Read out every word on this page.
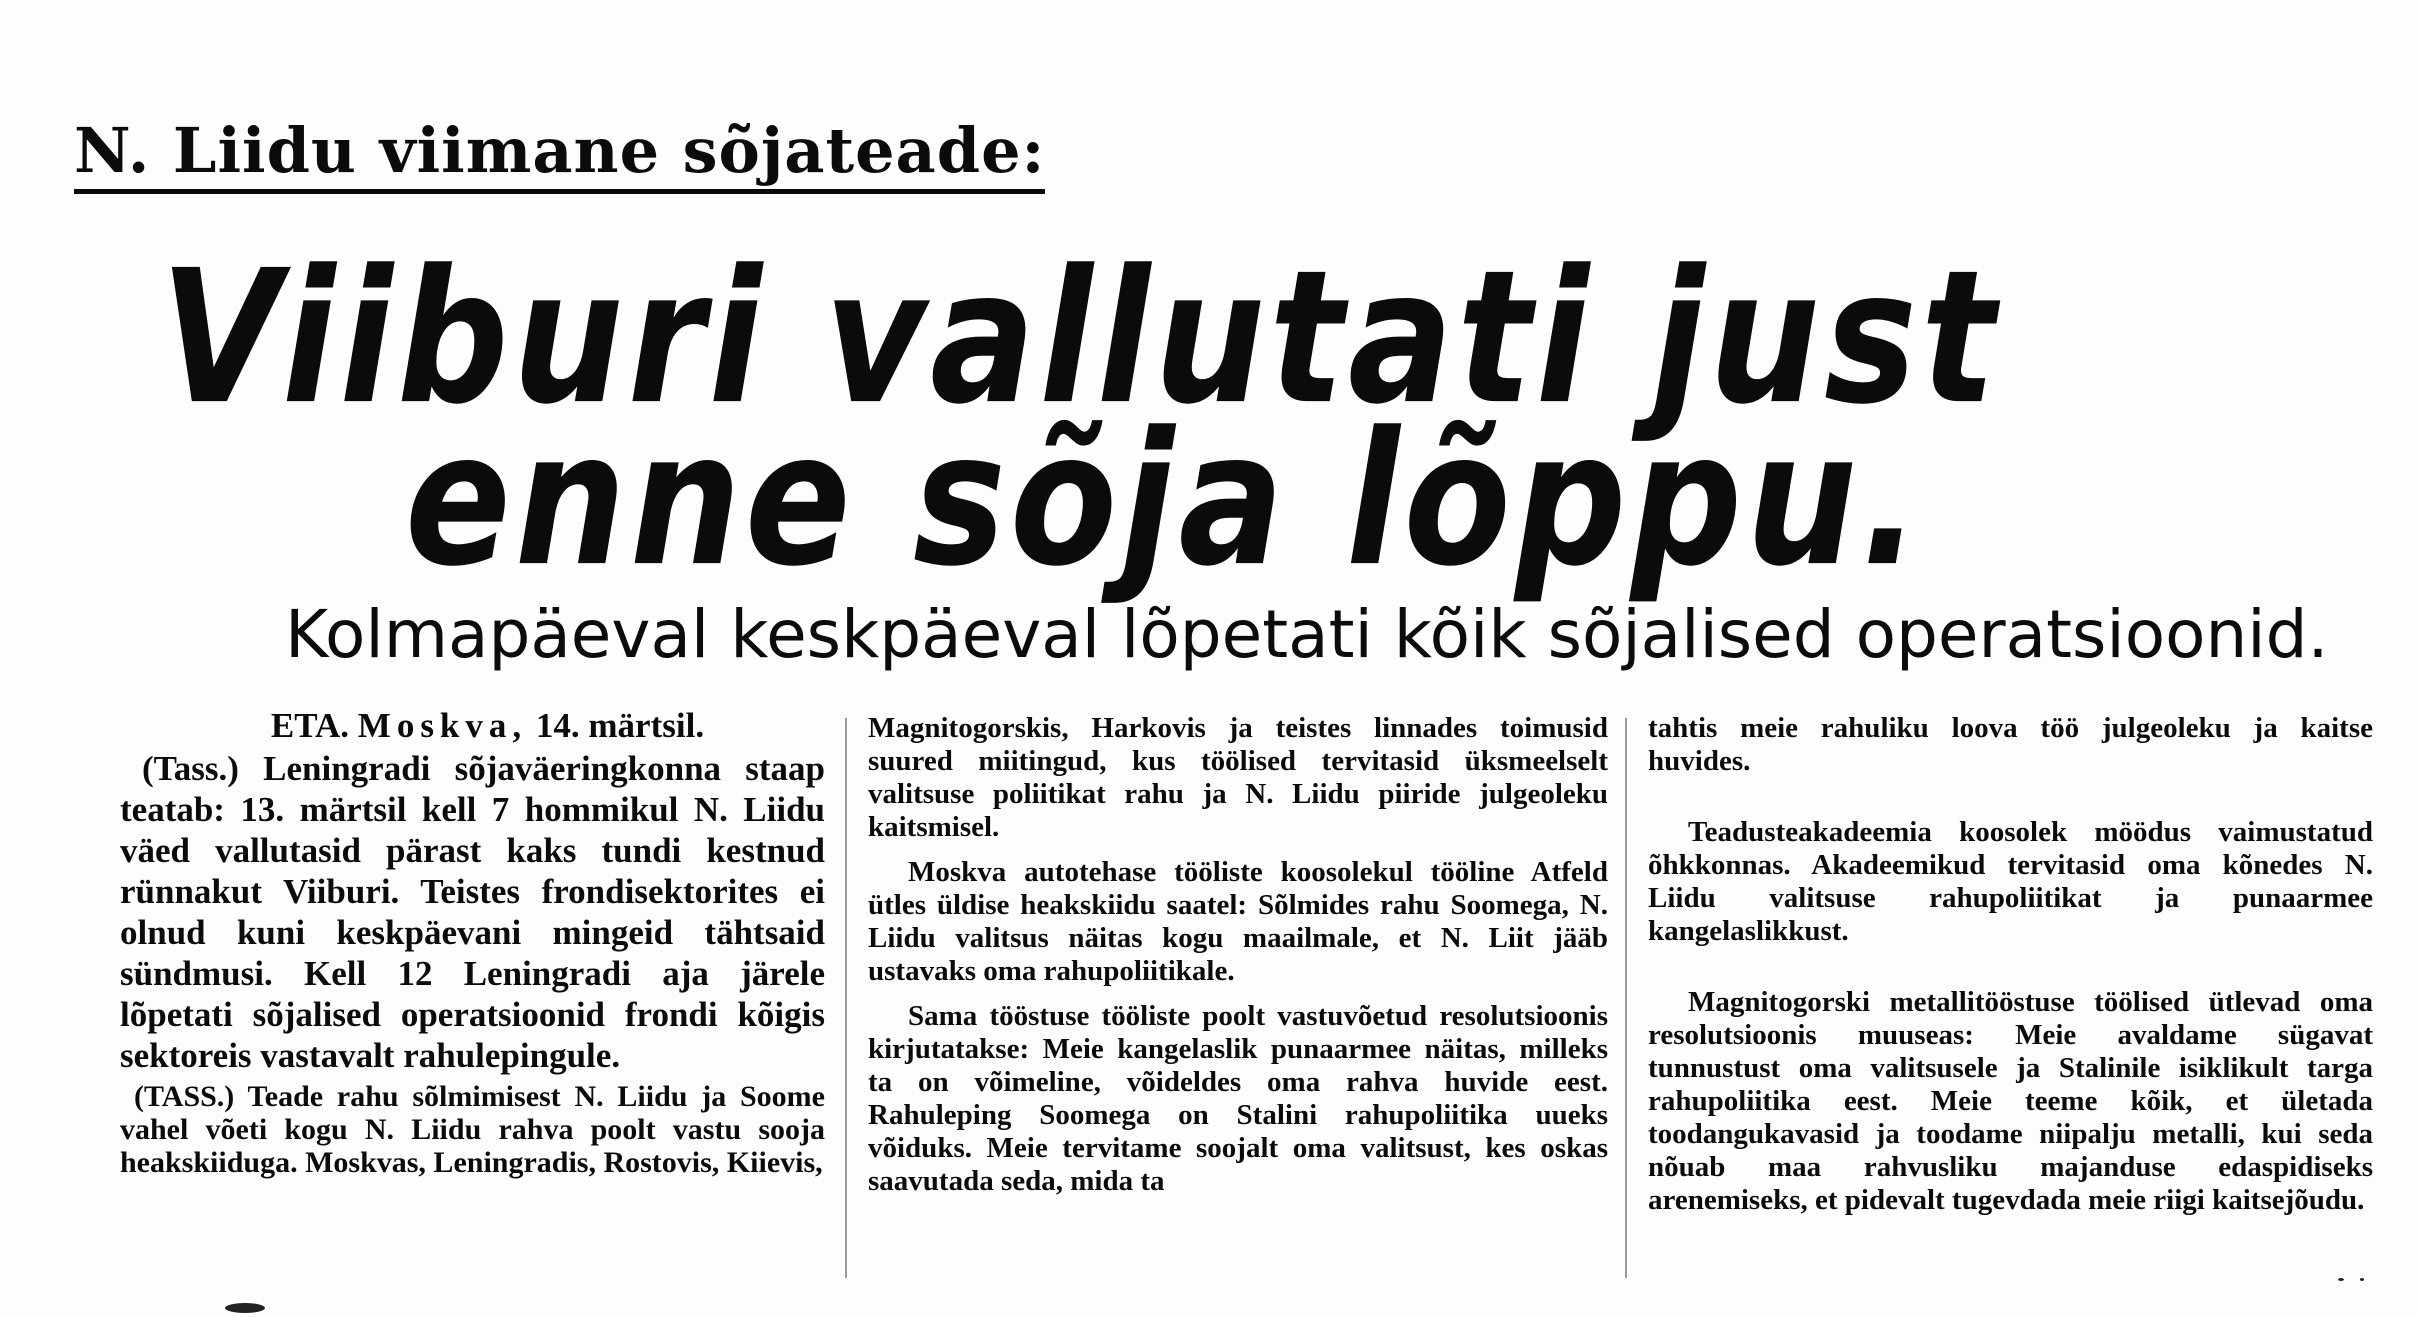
N. Liidu viimane sõjateade:
Viiburi vallutati just
enne sõja lõppu.
Kolmapäeval keskpäeval lõpetati kõik sõjalised operatsioonid.

ETA. Moskva, 14. märtsil.

(Tass.) Leningradi sõjaväeringkonna staap teatab: 13. märtsil kell 7 hommikul N. Liidu väed vallutasid pärast kaks tundi kestnud rünnakut Viiburi. Teistes frondisektorites ei olnud kuni keskpäevani mingeid tähtsaid sündmusi. Kell 12 Leningradi aja järele lõpetati sõjalised operatsioonid frondi kõigis sektoreis vastavalt rahulepingule.

(TASS.) Teade rahu sõlmimisest N. Liidu ja Soome vahel võeti kogu N. Liidu rahva poolt vastu sooja heakskiiduga. Moskvas, Leningradis, Rostovis, Kiievis,

Magnitogorskis, Harkovis ja teistes linnades toimusid suured miitingud, kus töölised tervitasid üksmeelselt valitsuse poliitikat rahu ja N. Liidu piiride julgeoleku kaitsmisel.

Moskva autotehase tööliste koosolekul tööline Atfeld ütles üldise heakskiidu saatel: Sõlmides rahu Soomega, N. Liidu valitsus näitas kogu maailmale, et N. Liit jääb ustavaks oma rahupoliitikale.

Sama tööstuse tööliste poolt vastuvõetud resolutsioonis kirjutatakse: Meie kangelaslik punaarmee näitas, milleks ta on võimeline, võideldes oma rahva huvide eest. Rahuleping Soomega on Stalini rahupoliitika uueks võiduks. Meie tervitame soojalt oma valitsust, kes oskas saavutada seda, mida ta

tahtis meie rahuliku loova töö julgeoleku ja kaitse huvides.

Teadusteakadeemia koosolek möödus vaimustatud õhkkonnas. Akadeemikud tervitasid oma kõnedes N. Liidu valitsuse rahupoliitikat ja punaarmee kangelaslikkust.

Magnitogorski metallitööstuse töölised ütlevad oma resolutsioonis muuseas: Meie avaldame sügavat tunnustust oma valitsusele ja Stalinile isiklikult targa rahupoliitika eest. Meie teeme kõik, et ületada toodangukavasid ja toodame niipalju metalli, kui seda nõuab maa rahvusliku majanduse edaspidiseks arenemiseks, et pidevalt tugevdada meie riigi kaitsejõudu.
